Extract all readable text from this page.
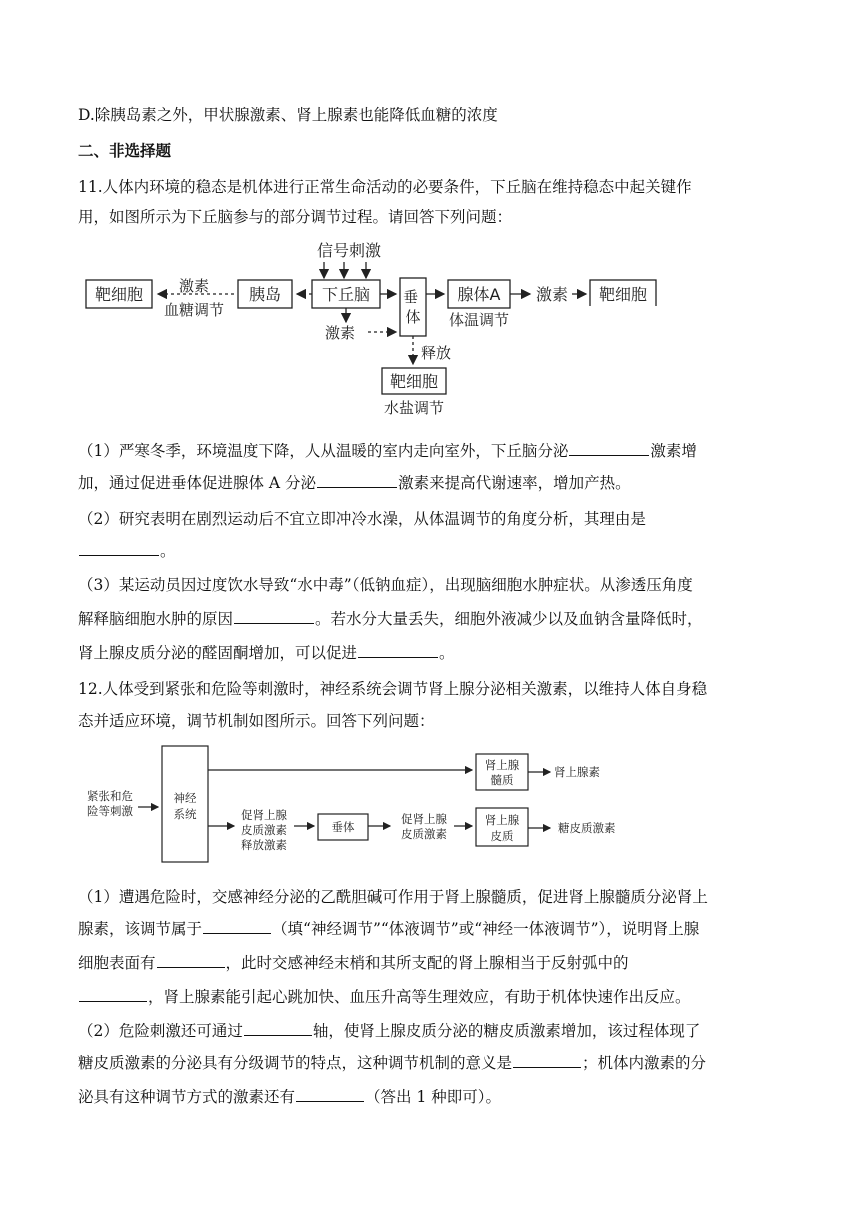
D.除胰岛素之外，甲状腺激素、肾上腺素也能降低血糖的浓度
二、非选择题
11.人体内环境的稳态是机体进行正常生命活动的必要条件，下丘脑在维持稳态中起关键作
用，如图所示为下丘脑参与的部分调节过程。请回答下列问题：
信号刺激
靶细胞 激素
血糖调节
胰岛	下丘脑
激素
垂 体
腺体A
体温调节
释放
靶细胞
水盐调节
激素 靶细胞
（1）严寒冬季，环境温度下降，人从温暖的室内走向室外，下丘脑分泌	激素增
加，通过促进垂体促进腺体 A 分泌	激素来提高代谢速率，增加产热。
（2）研究表明在剧烈运动后不宜立即冲冷水澡，从体温调节的角度分析，其理由是
。
（3）某运动员因过度饮水导致“水中毒”（低钠血症），出现脑细胞水肿症状。从渗透压角度
解释脑细胞水肿的原因	。若水分大量丢失，细胞外液减少以及血钠含量降低时，
肾上腺皮质分泌的醛固酮增加，可以促进	。
12.人体受到紧张和危险等刺激时，神经系统会调节肾上腺分泌相关激素，以维持人体自身稳
态并适应环境，调节机制如图所示。回答下列问题：
紧张和危
险等刺激
神经
系统
肾上腺
髓质
肾上腺素
促肾上腺
皮质激素
释放激素
垂体
促肾上腺
皮质激素
肾上腺
皮质
糖皮质激素
（1）遭遇危险时，交感神经分泌的乙酰胆碱可作用于肾上腺髓质，促进肾上腺髓质分泌肾上
腺素，该调节属于	（填“神经调节”“体液调节”或“神经一体液调节”），说明肾上腺
细胞表面有	，此时交感神经末梢和其所支配的肾上腺相当于反射弧中的
，肾上腺素能引起心跳加快、血压升高等生理效应，有助于机体快速作出反应。
（2）危险刺激还可通过	轴，使肾上腺皮质分泌的糖皮质激素增加，该过程体现了
糖皮质激素的分泌具有分级调节的特点，这种调节机制的意义是	；机体内激素的分
泌具有这种调节方式的激素还有	（答出 1 种即可）。
